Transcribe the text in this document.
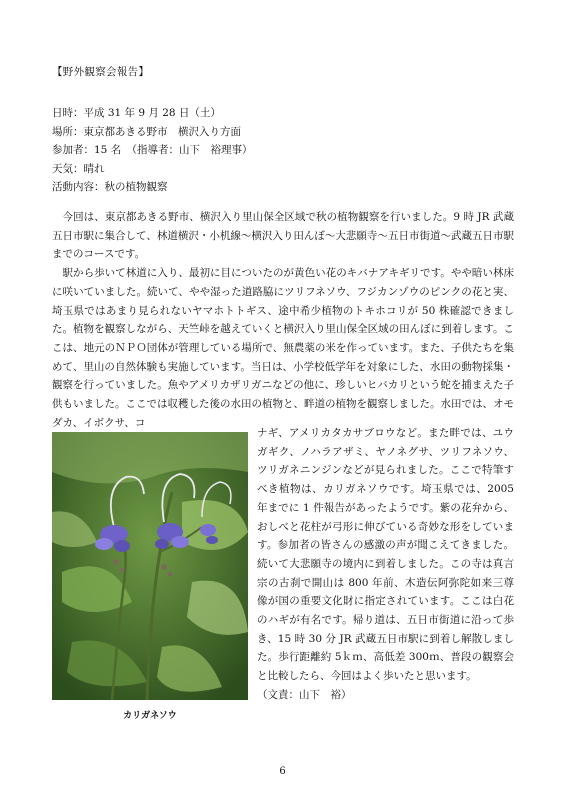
【野外観察会報告】
日時：平成 31 年 9 月 28 日（土）
場所：東京都あきる野市　横沢入り方面
参加者：15 名　（指導者：山下　裕理事）
天気：晴れ
活動内容：秋の植物観察

今回は、東京都あきる野市、横沢入り里山保全区域で秋の植物観察を行いました。9 時 JR 武蔵五日市駅に集合して、林道横沢・小机線〜横沢入り田んぼ〜大悲願寺〜五日市街道〜武蔵五日市駅までのコースです。

駅から歩いて林道に入り、最初に目についたのが黄色い花のキバナアキギリです。やや暗い林床に咲いていました。続いて、やや湿った道路脇にツリフネソウ、フジカンゾウのピンクの花と実、埼玉県ではあまり見られないヤマホトトギス、途中希少植物のトキホコリが 50 株確認できました。植物を観察しながら、天竺峠を越えていくと横沢入り里山保全区域の田んぼに到着します。ここは、地元のＮＰＯ団体が管理している場所で、無農薬の米を作っています。また、子供たちを集めて、里山の自然体験も実施しています。当日は、小学校低学年を対象にした、水田の動物採集・観察を行っていました。魚やアメリカザリガニなどの他に、珍しいヒバカリという蛇を捕まえた子供もいました。ここでは収穫した後の水田の植物と、畔道の植物を観察しました。水田では、オモダカ、イボクサ、コ

カリガネソウ

ナギ、アメリカタカサブロウなど。また畔では、ユウガギク、ノハラアザミ、ヤノネグサ、ツリフネソウ、ツリガネニンジンなどが見られました。ここで特筆すべき植物は、カリガネソウです。埼玉県では、2005 年までに 1 件報告があったようです。紫の花弁から、おしべと花柱が弓形に伸びている奇妙な形をしています。参加者の皆さんの感激の声が聞こえてきました。続いて大悲願寺の境内に到着しました。この寺は真言宗の古刹で開山は 800 年前、木造伝阿弥陀如来三尊像が国の重要文化財に指定されています。ここは白花のハギが有名です。帰り道は、五日市街道に沿って歩き、15 時 30 分 JR 武蔵五日市駅に到着し解散しました。歩行距離約 5ｋｍ、高低差 300ｍ、普段の観察会と比較したら、今回はよく歩いたと思います。

（文責：山下　裕）

6
